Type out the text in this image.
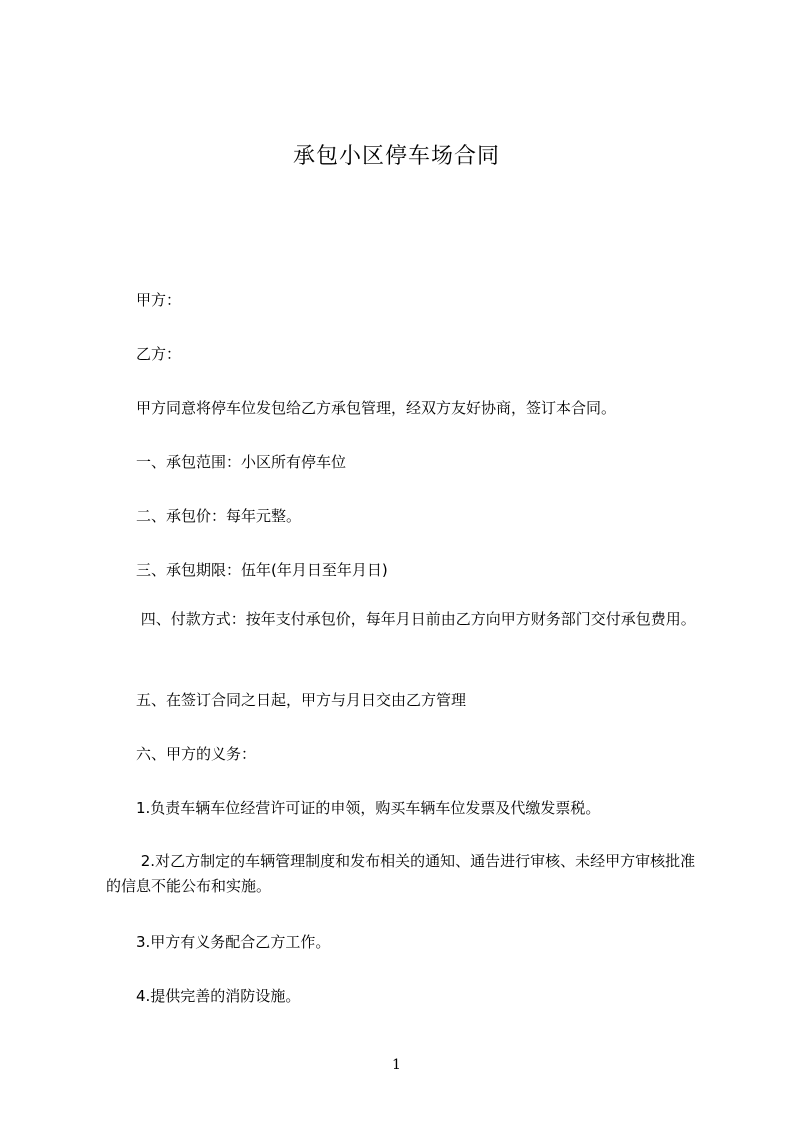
承包小区停车场合同
　　甲方：
　　乙方：
　　甲方同意将停车位发包给乙方承包管理，经双方友好协商，签订本合同。
　　一、承包范围：小区所有停车位
　　二、承包价：每年元整。
　　三、承包期限：伍年(年月日至年月日)
　　 四、付款方式：按年支付承包价，每年月日前由乙方向甲方财务部门交付承包费用。
　　五、在签订合同之日起，甲方与月日交由乙方管理
　　六、甲方的义务：
　　1.负责车辆车位经营许可证的申领，购买车辆车位发票及代缴发票税。
　　 2.对乙方制定的车辆管理制度和发布相关的通知、通告进行审核、未经甲方审核批准的信息不能公布和实施。
　　3.甲方有义务配合乙方工作。
　　4.提供完善的消防设施。
1
